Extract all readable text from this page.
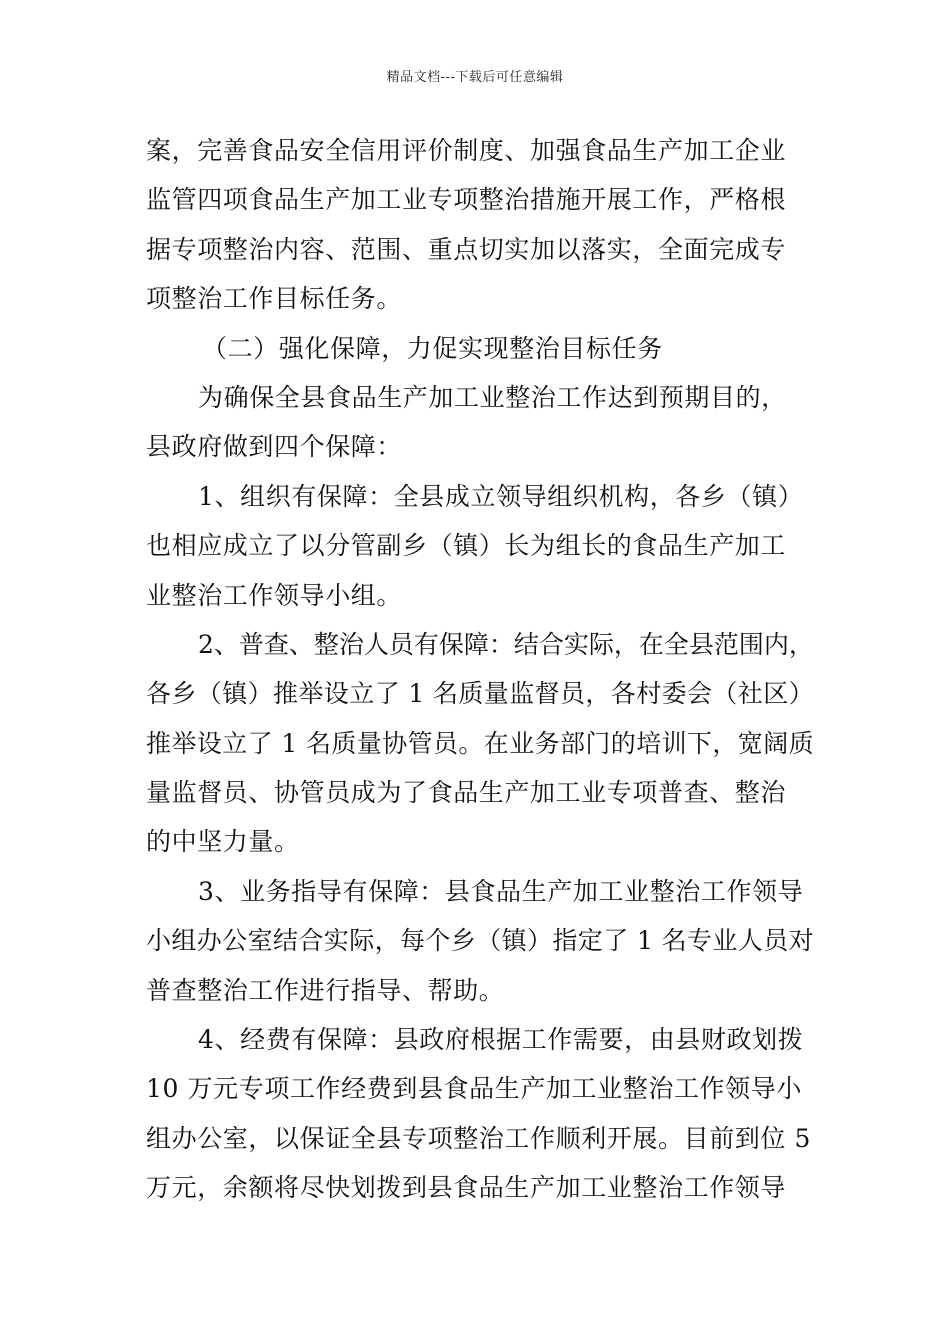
精品文档---下载后可任意编辑
案，完善食品安全信用评价制度、加强食品生产加工企业
监管四项食品生产加工业专项整治措施开展工作，严格根
据专项整治内容、范围、重点切实加以落实，全面完成专
项整治工作目标任务。
（二）强化保障，力促实现整治目标任务
为确保全县食品生产加工业整治工作达到预期目的，
县政府做到四个保障：
1、组织有保障：全县成立领导组织机构，各乡（镇）
也相应成立了以分管副乡（镇）长为组长的食品生产加工
业整治工作领导小组。
2、普查、整治人员有保障：结合实际，在全县范围内，
各乡（镇）推举设立了 1 名质量监督员，各村委会（社区）
推举设立了 1 名质量协管员。在业务部门的培训下，宽阔质
量监督员、协管员成为了食品生产加工业专项普查、整治
的中坚力量。
3、业务指导有保障：县食品生产加工业整治工作领导
小组办公室结合实际，每个乡（镇）指定了 1 名专业人员对
普查整治工作进行指导、帮助。
4、经费有保障：县政府根据工作需要，由县财政划拨
10 万元专项工作经费到县食品生产加工业整治工作领导小
组办公室，以保证全县专项整治工作顺利开展。目前到位 5
万元，余额将尽快划拨到县食品生产加工业整治工作领导
